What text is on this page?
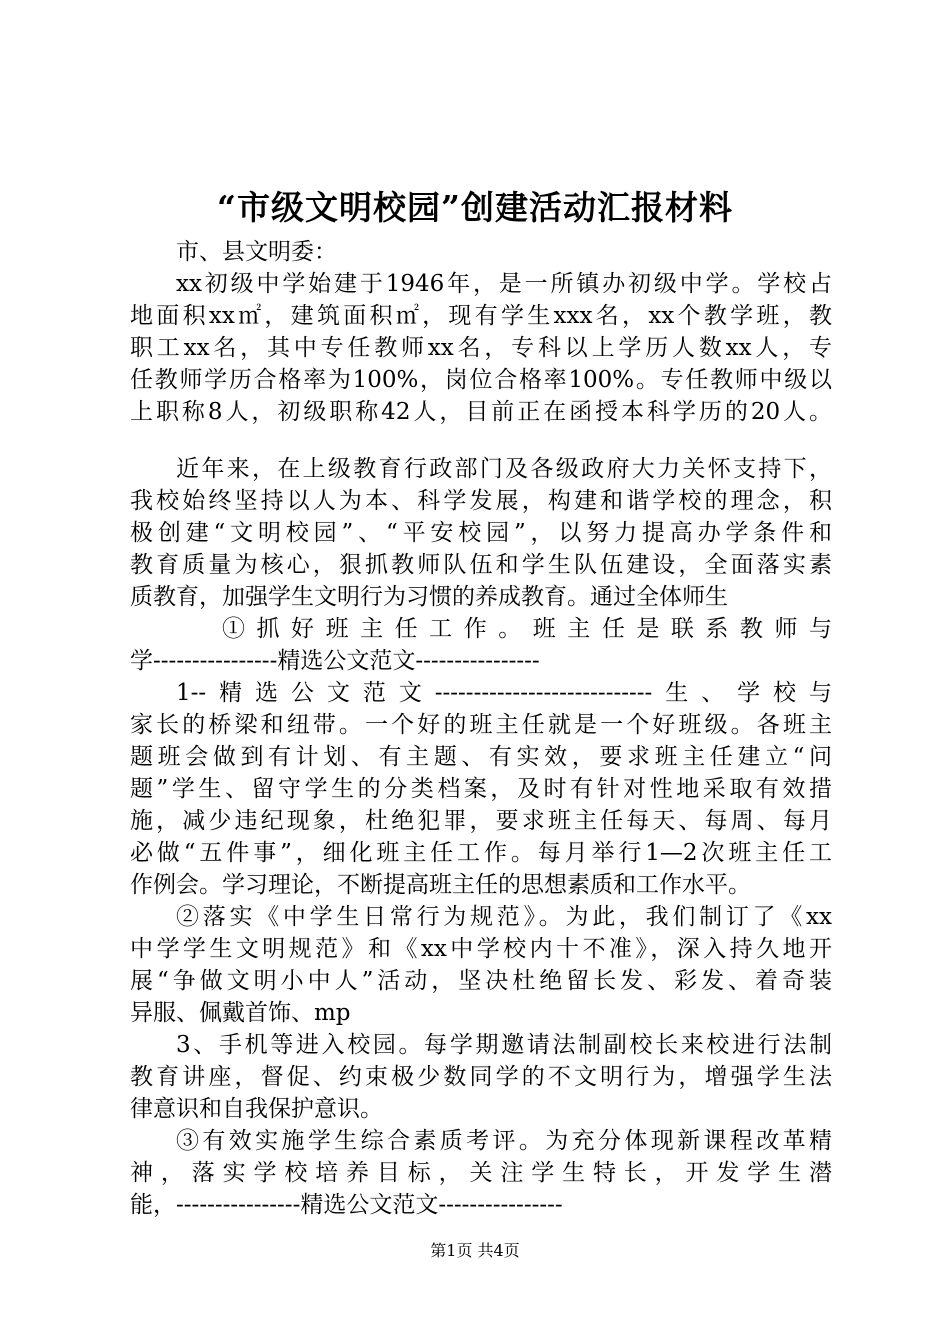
“市级文明校园”创建活动汇报材料
市、县文明委：
xx初级中学始建于1946年，是一所镇办初级中学。学校占
地面积xx㎡，建筑面积㎡，现有学生xxx名，xx个教学班，教
职工xx名，其中专任教师xx名，专科以上学历人数xx人，专
任教师学历合格率为100%，岗位合格率100%。专任教师中级以
上职称8人，初级职称42人，目前正在函授本科学历的20人。
近年来，在上级教育行政部门及各级政府大力关怀支持下，
我校始终坚持以人为本、科学发展，构建和谐学校的理念，积
极创建“文明校园”、“平安校园”，以努力提高办学条件和
教育质量为核心，狠抓教师队伍和学生队伍建设，全面落实素
质教育，加强学生文明行为习惯的养成教育。通过全体师生
① 抓 好 班 主 任 工 作 。 班 主 任 是 联 系 教 师 与
学----------------精选公文范文----------------
1--精选公文范文----------------------------生、学校与
家长的桥梁和纽带。一个好的班主任就是一个好班级。各班主
题班会做到有计划、有主题、有实效，要求班主任建立“问
题”学生、留守学生的分类档案，及时有针对性地采取有效措
施，减少违纪现象，杜绝犯罪，要求班主任每天、每周、每月
必做“五件事”，细化班主任工作。每月举行1—2次班主任工
作例会。学习理论，不断提高班主任的思想素质和工作水平。
②落实《中学生日常行为规范》。为此，我们制订了《xx
中学学生文明规范》和《xx中学校内十不准》，深入持久地开
展“争做文明小中人”活动，坚决杜绝留长发、彩发、着奇装
异服、佩戴首饰、mp
3、手机等进入校园。每学期邀请法制副校长来校进行法制
教育讲座，督促、约束极少数同学的不文明行为，增强学生法
律意识和自我保护意识。
③有效实施学生综合素质考评。为充分体现新课程改革精
神，落实学校培养目标，关注学生特长，开发学生潜
能，----------------精选公文范文----------------
第1页 共4页
